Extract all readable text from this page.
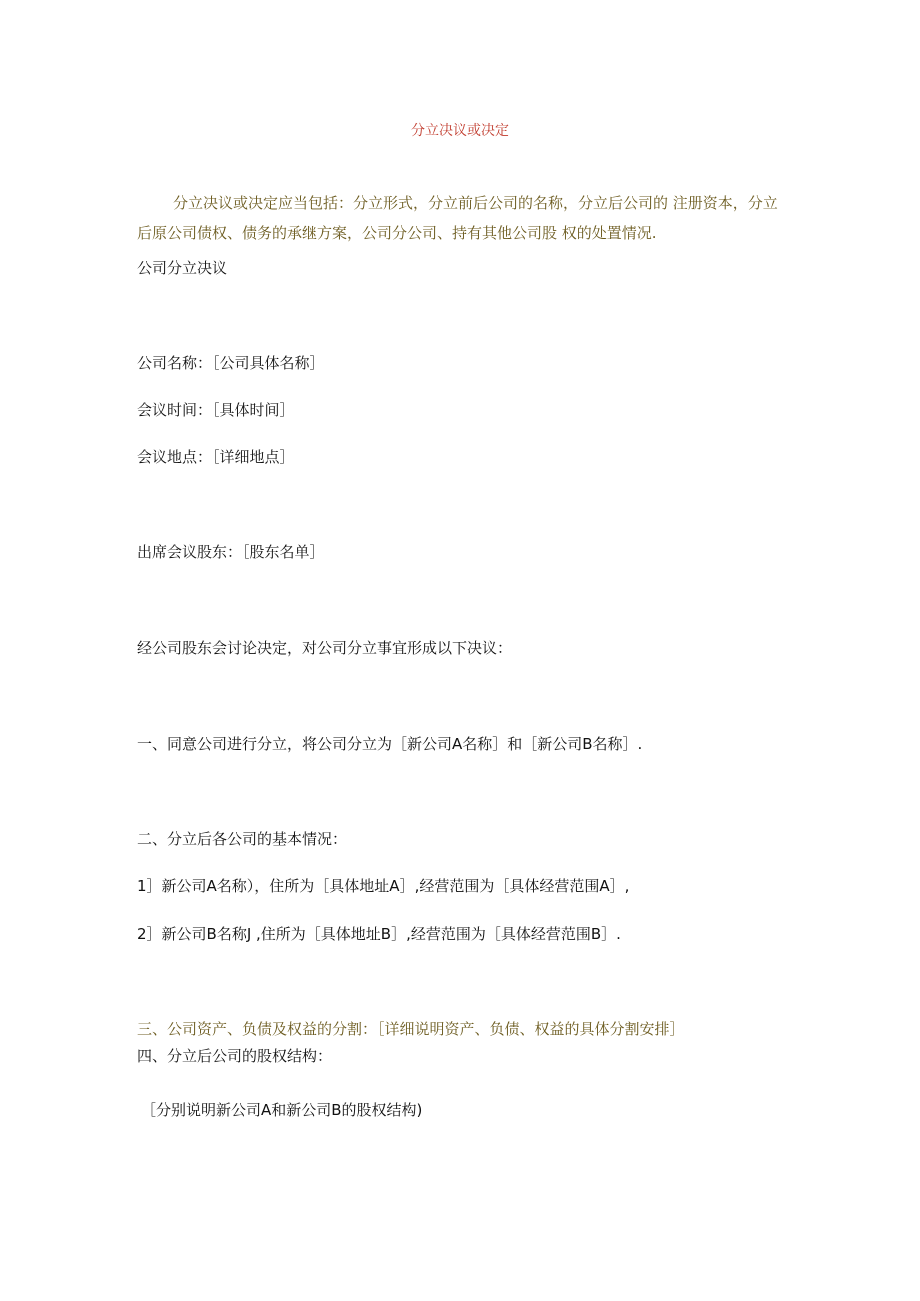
分立决议或决定
分立决议或决定应当包括：分立形式，分立前后公司的名称，分立后公司的 注册资本，分立后原公司债权、债务的承继方案，公司分公司、持有其他公司股 权的处置情况.
公司分立决议
公司名称：［公司具体名称］
会议时间：［具体时间］
会议地点：［详细地点］
出席会议股东：［股东名单］
经公司股东会讨论决定，对公司分立事宜形成以下决议：
一、同意公司进行分立，将公司分立为［新公司A名称］和［新公司B名称］.
二、分立后各公司的基本情况：
1］新公司A名称），住所为［具体地址A］,经营范围为［具体经营范围A］,
2］新公司B名称J ,住所为［具体地址B］,经营范围为［具体经营范围B］.
三、公司资产、负债及权益的分割：［详细说明资产、负债、权益的具体分割安排］
四、分立后公司的股权结构：
［分别说明新公司A和新公司B的股权结构)
